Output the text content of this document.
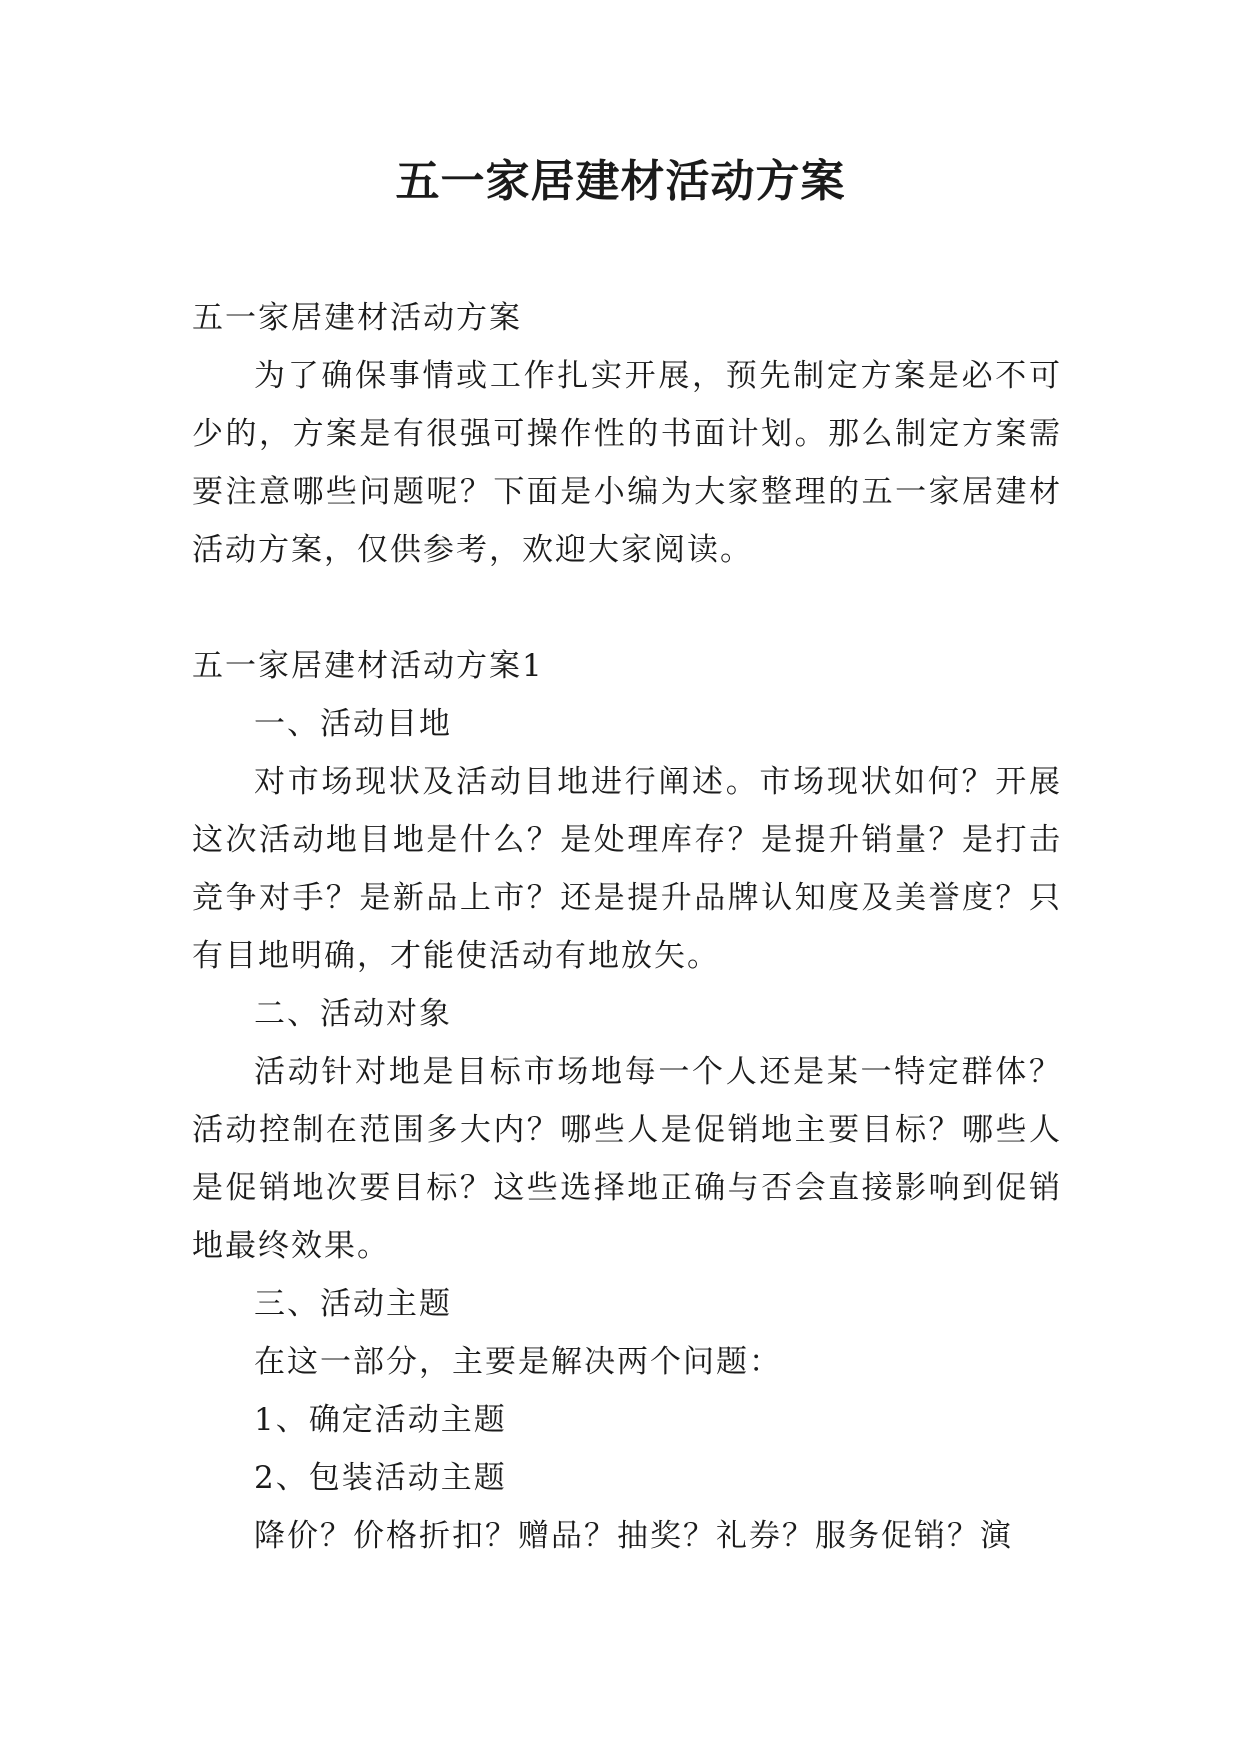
五一家居建材活动方案

五一家居建材活动方案

为了确保事情或工作扎实开展，预先制定方案是必不可少的，方案是有很强可操作性的书面计划。那么制定方案需要注意哪些问题呢？下面是小编为大家整理的五一家居建材活动方案，仅供参考，欢迎大家阅读。

五一家居建材活动方案1

一、活动目地

对市场现状及活动目地进行阐述。市场现状如何？开展这次活动地目地是什么？是处理库存？是提升销量？是打击竞争对手？是新品上市？还是提升品牌认知度及美誉度？只有目地明确，才能使活动有地放矢。

二、活动对象

活动针对地是目标市场地每一个人还是某一特定群体？活动控制在范围多大内？哪些人是促销地主要目标？哪些人是促销地次要目标？这些选择地正确与否会直接影响到促销地最终效果。

三、活动主题

在这一部分，主要是解决两个问题：

1、确定活动主题

2、包装活动主题

降价？价格折扣？赠品？抽奖？礼券？服务促销？演
